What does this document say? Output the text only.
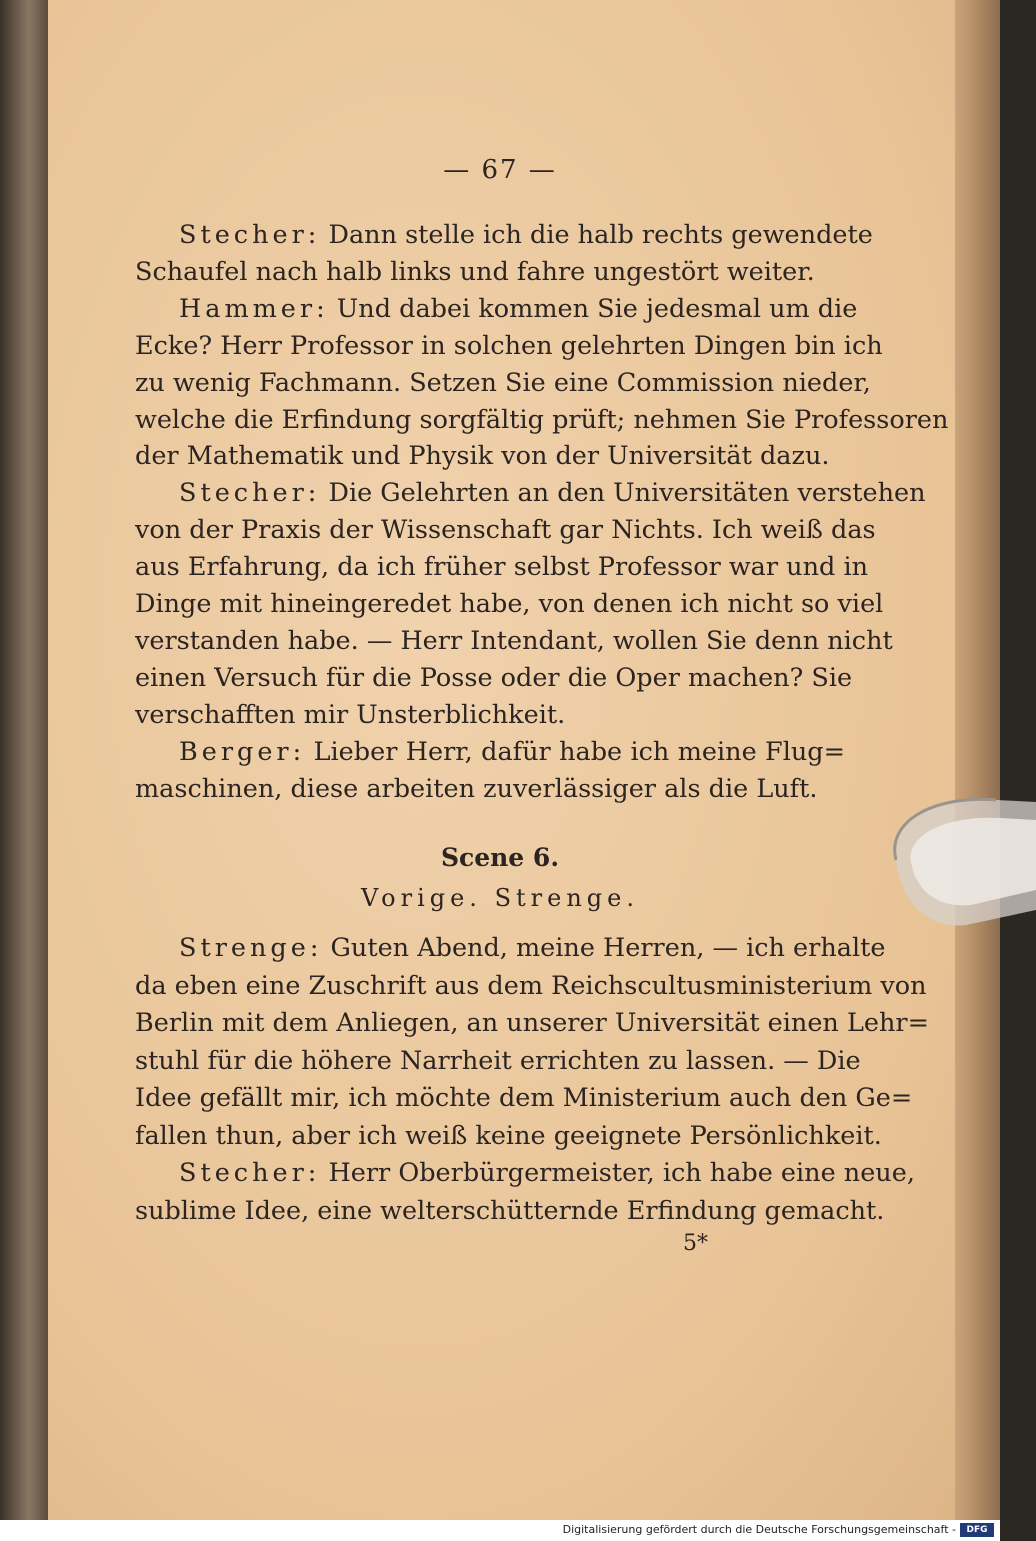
— 67 —
Stecher: Dann stelle ich die halb rechts gewendete
Schaufel nach halb links und fahre ungestört weiter.
Hammer: Und dabei kommen Sie jedesmal um die
Ecke? Herr Professor in solchen gelehrten Dingen bin ich
zu wenig Fachmann. Setzen Sie eine Commission nieder,
welche die Erfindung sorgfältig prüft; nehmen Sie Professoren
der Mathematik und Physik von der Universität dazu.
Stecher: Die Gelehrten an den Universitäten verstehen
von der Praxis der Wissenschaft gar Nichts. Ich weiß das
aus Erfahrung, da ich früher selbst Professor war und in
Dinge mit hineingeredet habe, von denen ich nicht so viel
verstanden habe. — Herr Intendant, wollen Sie denn nicht
einen Versuch für die Posse oder die Oper machen? Sie
verschafften mir Unsterblichkeit.
Berger: Lieber Herr, dafür habe ich meine Flug=
maschinen, diese arbeiten zuverlässiger als die Luft.
Scene 6.
Vorige. Strenge.
Strenge: Guten Abend, meine Herren, — ich erhalte
da eben eine Zuschrift aus dem Reichscultusministerium von
Berlin mit dem Anliegen, an unserer Universität einen Lehr=
stuhl für die höhere Narrheit errichten zu lassen. — Die
Idee gefällt mir, ich möchte dem Ministerium auch den Ge=
fallen thun, aber ich weiß keine geeignete Persönlichkeit.
Stecher: Herr Oberbürgermeister, ich habe eine neue,
sublime Idee, eine welterschütternde Erfindung gemacht.
5*
Digitalisierung gefördert durch die Deutsche Forschungsgemeinschaft -	DFG
